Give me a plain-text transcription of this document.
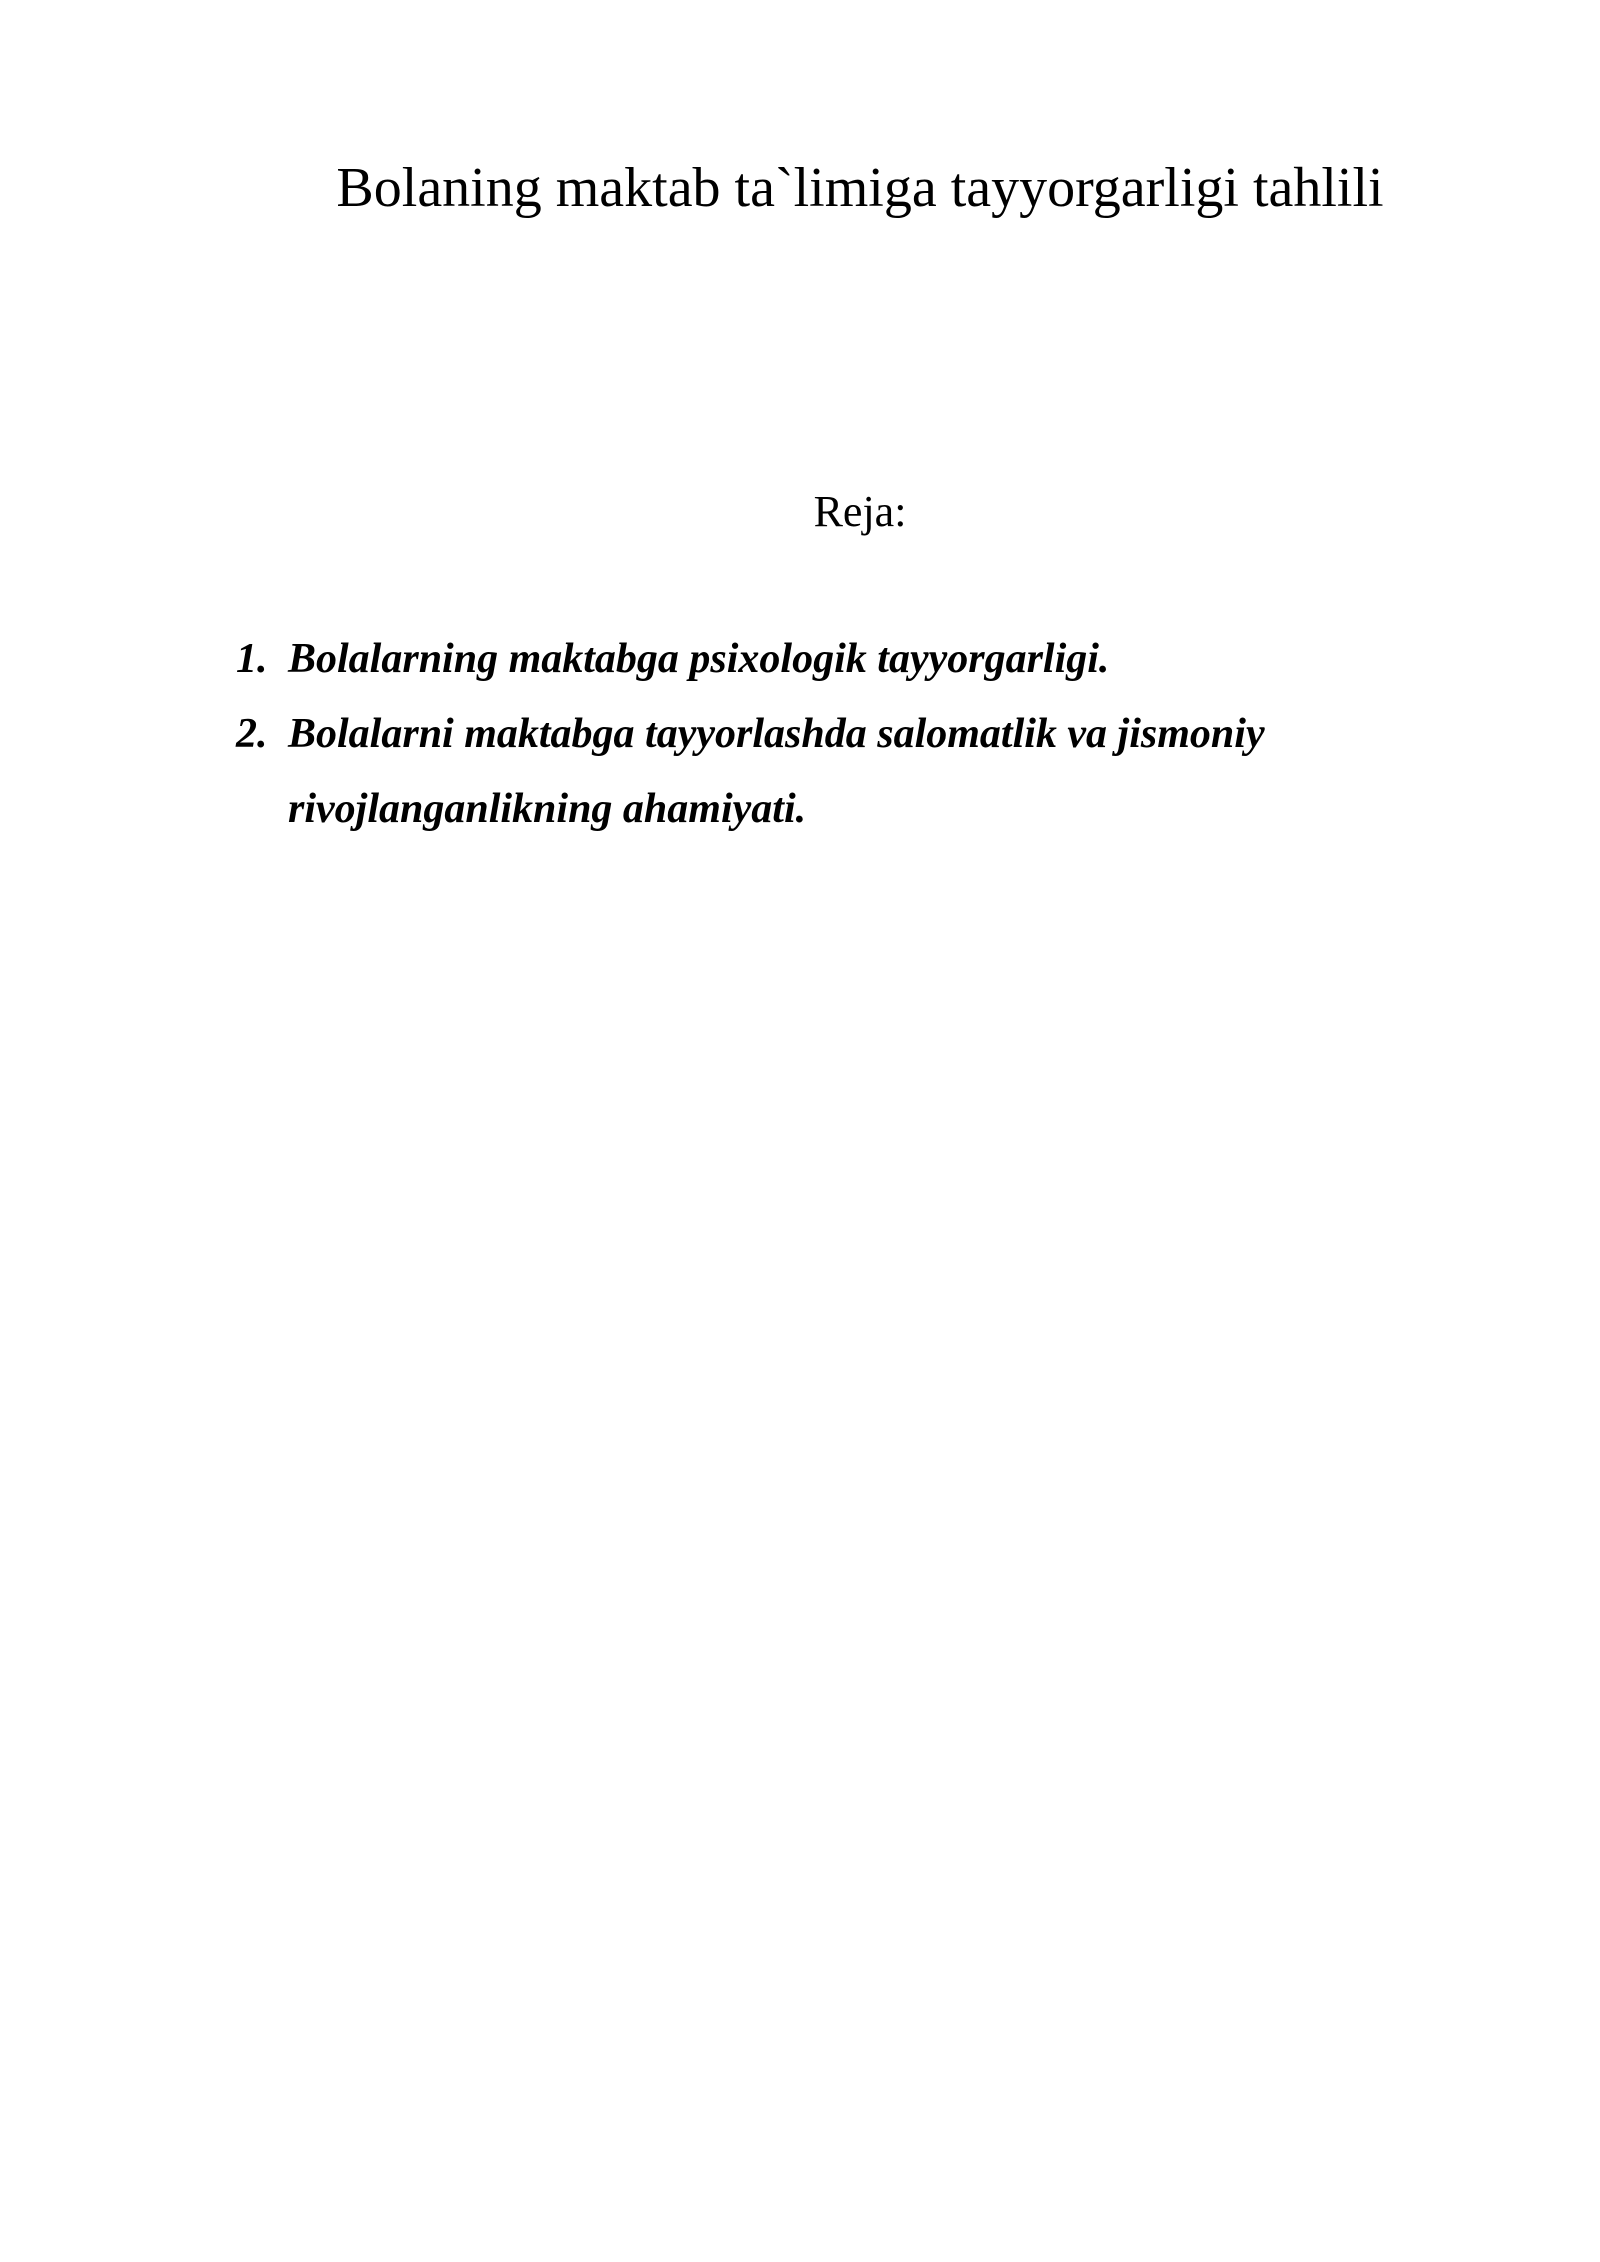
Bolaning maktab ta`limiga tayyorgarligi tahlili

Reja:

1. Bolalarning maktabga psixologik tayyorgarligi.
2. Bolalarni maktabga tayyorlashda salomatlik va jismoniy rivojlanganlikning ahamiyati.
